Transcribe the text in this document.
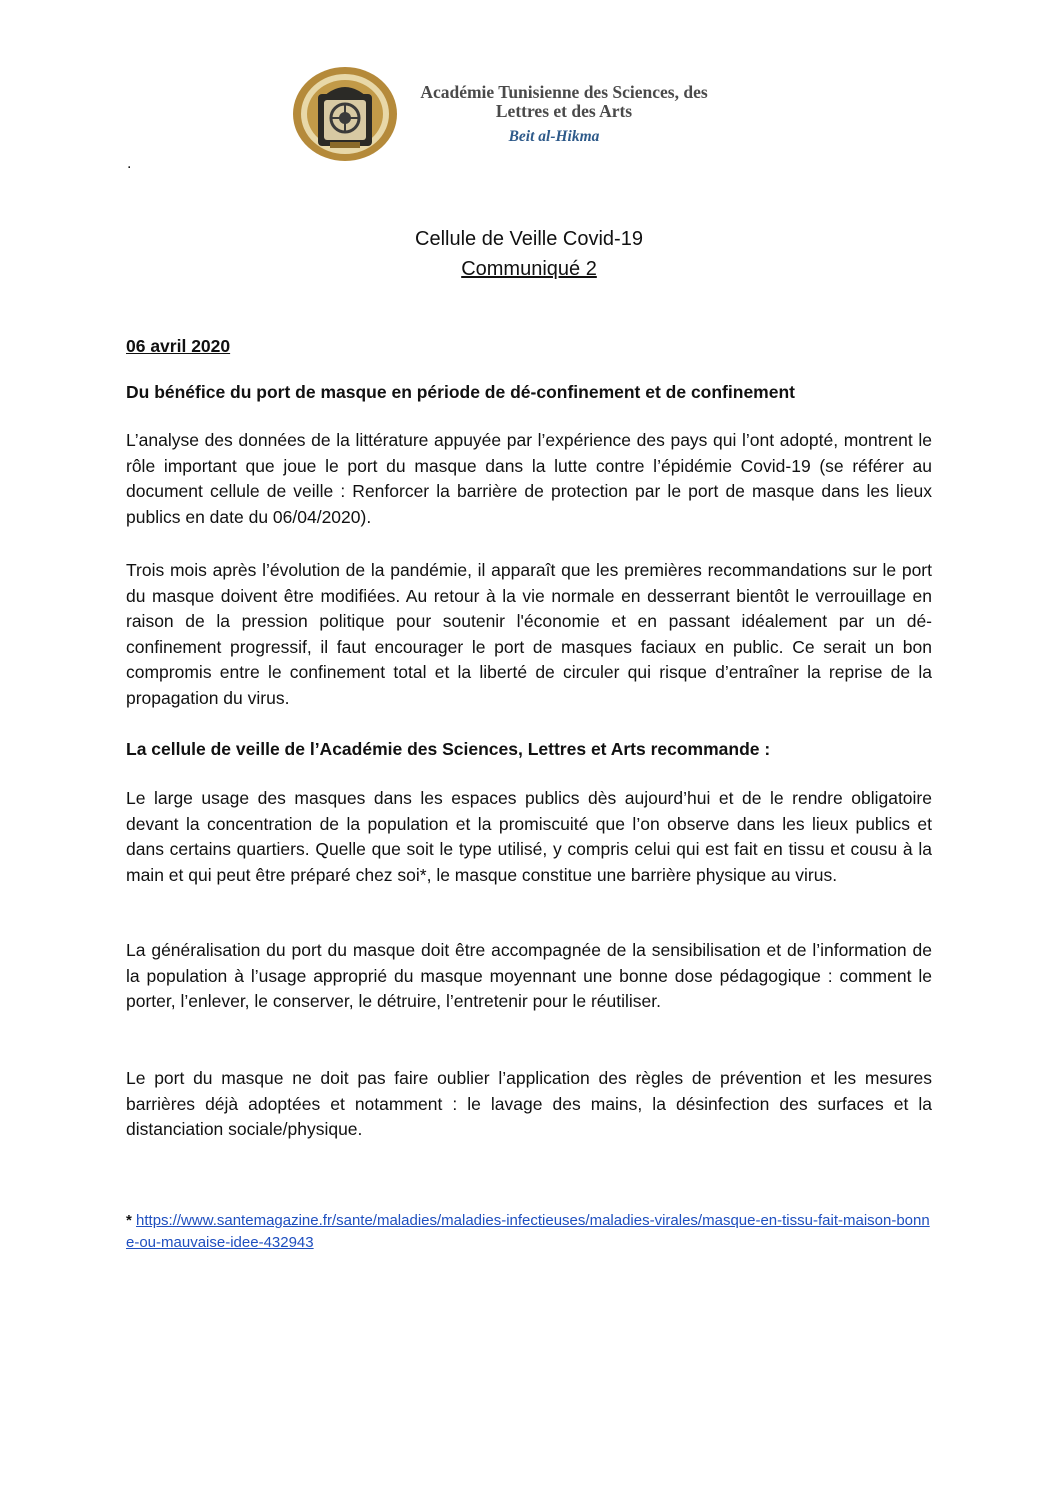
Académie Tunisienne des Sciences, des Lettres et des Arts
Beit al-Hikma
.
Cellule de Veille Covid-19
Communiqué 2
06 avril 2020
Du bénéfice du port de masque en période de dé-confinement et de confinement
L’analyse des données de la littérature appuyée par l’expérience des pays qui l’ont adopté, montrent le rôle important que joue le port du masque dans la lutte contre l’épidémie Covid-19 (se référer au document cellule de veille : Renforcer la barrière de protection par le port de masque dans les lieux publics en date du 06/04/2020).
Trois mois après l’évolution de la pandémie, il apparaît que les premières recommandations sur le port du masque doivent être modifiées. Au retour à la vie normale en desserrant bientôt le verrouillage en raison de la pression politique pour soutenir l'économie et en passant idéalement par un dé-confinement progressif, il faut encourager le port de masques faciaux en public. Ce serait un bon compromis entre le confinement total et la liberté de circuler qui risque d’entraîner la reprise de la propagation du virus.
La cellule de veille de l’Académie des Sciences, Lettres et Arts recommande :
Le large usage des masques dans les espaces publics dès aujourd’hui et de le rendre obligatoire devant la concentration de la population et la promiscuité que l’on observe dans les lieux publics et dans certains quartiers. Quelle que soit le type utilisé, y compris celui qui est fait en tissu et cousu à la main et qui peut être préparé chez soi*, le masque constitue une barrière physique au virus.
La généralisation du port du masque doit être accompagnée de la sensibilisation et de l’information de la population à l’usage approprié du masque moyennant une bonne dose pédagogique : comment le porter, l’enlever, le conserver, le détruire, l’entretenir pour le réutiliser.
Le port du masque ne doit pas faire oublier l’application des règles de prévention et les mesures barrières déjà adoptées et notamment : le lavage des mains, la désinfection des surfaces et la distanciation sociale/physique.
* https://www.santemagazine.fr/sante/maladies/maladies-infectieuses/maladies-virales/masque-en-tissu-fait-maison-bonne-ou-mauvaise-idee-432943
